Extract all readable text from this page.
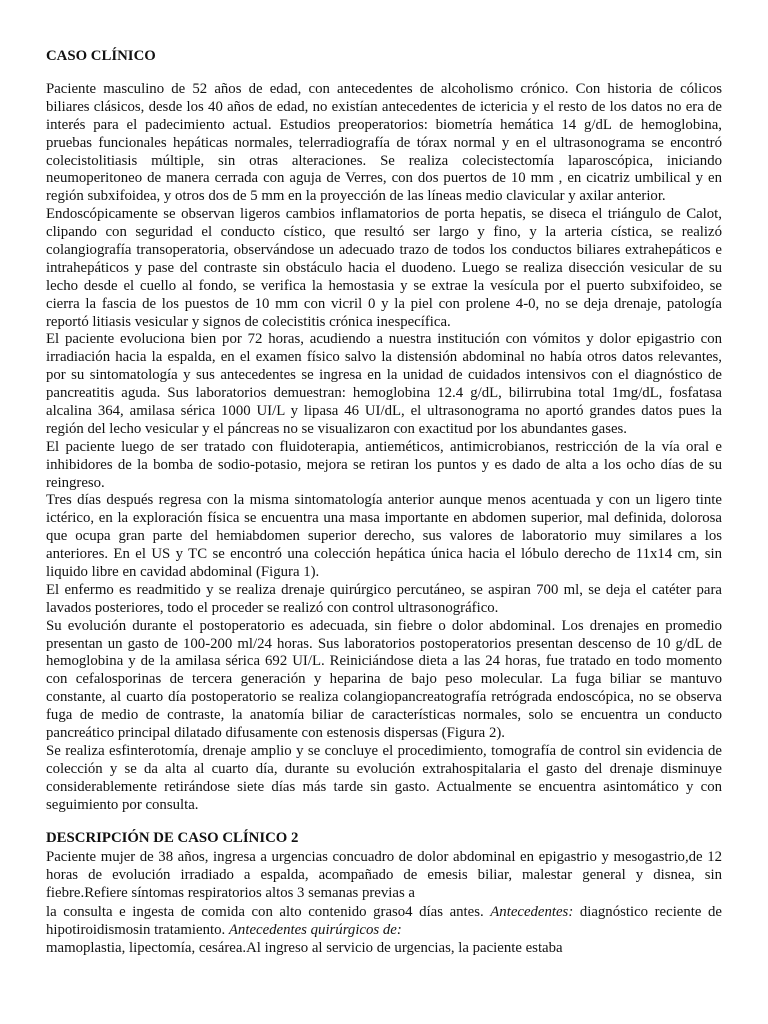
CASO CLÍNICO
Paciente masculino de 52 años de edad, con antecedentes de alcoholismo crónico. Con historia de cólicos
biliares clásicos, desde los 40 años de edad, no existían antecedentes de ictericia y el resto de los datos no era de
interés para el padecimiento actual. Estudios preoperatorios: biometría hemática 14 g/dL de hemoglobina,
pruebas funcionales hepáticas normales, telerradiografía de tórax normal y en el ultrasonograma se encontró
colecistolitiasis múltiple, sin otras alteraciones. Se realiza colecistectomía laparoscópica, iniciando
neumoperitoneo de manera cerrada con aguja de Verres, con dos puertos de 10 mm , en cicatriz umbilical y en
región subxifoidea, y otros dos de 5 mm en la proyección de las líneas medio clavicular y axilar anterior.
Endoscópicamente se observan ligeros cambios inflamatorios de porta hepatis, se diseca el triángulo de Calot,
clipando con seguridad el conducto cístico, que resultó ser largo y fino, y la arteria cística, se realizó
colangiografía transoperatoria, observándose un adecuado trazo de todos los conductos biliares extrahepáticos e
intrahepáticos y pase del contraste sin obstáculo hacia el duodeno. Luego se realiza disección vesicular de su
lecho desde el cuello al fondo, se verifica la hemostasia y se extrae la vesícula por el puerto subxifoideo, se
cierra la fascia de los puestos de 10 mm con vicril 0 y la piel con prolene 4-0, no se deja drenaje, patología
reportó litiasis vesicular y signos de colecistitis crónica inespecífica.
El paciente evoluciona bien por 72 horas, acudiendo a nuestra institución con vómitos y dolor epigastrio con
irradiación hacia la espalda, en el examen físico salvo la distensión abdominal no había otros datos relevantes,
por su sintomatología y sus antecedentes se ingresa en la unidad de cuidados intensivos con el diagnóstico de
pancreatitis aguda. Sus laboratorios demuestran: hemoglobina 12.4 g/dL, bilirrubina total 1mg/dL, fosfatasa
alcalina 364, amilasa sérica 1000 UI/L y lipasa 46 UI/dL, el ultrasonograma no aportó grandes datos pues la
región del lecho vesicular y el páncreas no se visualizaron con exactitud por los abundantes gases.
El paciente luego de ser tratado con fluidoterapia, antieméticos, antimicrobianos, restricción de la vía oral e
inhibidores de la bomba de sodio-potasio, mejora se retiran los puntos y es dado de alta a los ocho días de su
reingreso.
Tres días después regresa con la misma sintomatología anterior aunque menos acentuada y con un ligero tinte
ictérico, en la exploración física se encuentra una masa importante en abdomen superior, mal definida, dolorosa
que ocupa gran parte del hemiabdomen superior derecho, sus valores de laboratorio muy similares a los
anteriores. En el US y TC se encontró una colección hepática única hacia el lóbulo derecho de 11x14 cm, sin
liquido libre en cavidad abdominal (Figura 1).
El enfermo es readmitido y se realiza drenaje quirúrgico percutáneo, se aspiran 700 ml, se deja el catéter para
lavados posteriores, todo el proceder se realizó con control ultrasonográfico.
Su evolución durante el postoperatorio es adecuada, sin fiebre o dolor abdominal. Los drenajes en promedio
presentan un gasto de 100-200 ml/24 horas. Sus laboratorios postoperatorios presentan descenso de 10 g/dL de
hemoglobina y de la amilasa sérica 692 UI/L. Reiniciándose dieta a las 24 horas, fue tratado en todo momento
con cefalosporinas de tercera generación y heparina de bajo peso molecular. La fuga biliar se mantuvo
constante, al cuarto día postoperatorio se realiza colangiopancreatografía retrógrada endoscópica, no se observa
fuga de medio de contraste, la anatomía biliar de características normales, solo se encuentra un conducto
pancreático principal dilatado difusamente con estenosis dispersas (Figura 2).
Se realiza esfinterotomía, drenaje amplio y se concluye el procedimiento, tomografía de control sin evidencia de
colección y se da alta al cuarto día, durante su evolución extrahospitalaria el gasto del drenaje disminuye
considerablemente retirándose siete días más tarde sin gasto. Actualmente se encuentra asintomático y con
seguimiento por consulta.
DESCRIPCIÓN DE CASO CLÍNICO 2
Paciente mujer de 38 años, ingresa a urgencias concuadro de dolor abdominal en epigastrio y mesogastrio,de 12
horas de evolución irradiado a espalda, acompañado de emesis biliar, malestar general y disnea, sin
fiebre.Refiere síntomas respiratorios altos 3 semanas previas a
la consulta e ingesta de comida con alto contenido graso4 días antes. Antecedentes: diagnóstico reciente de
hipotiroidismosin tratamiento. Antecedentes quirúrgicos de:
mamoplastia, lipectomía, cesárea.Al ingreso al servicio de urgencias, la paciente estaba
